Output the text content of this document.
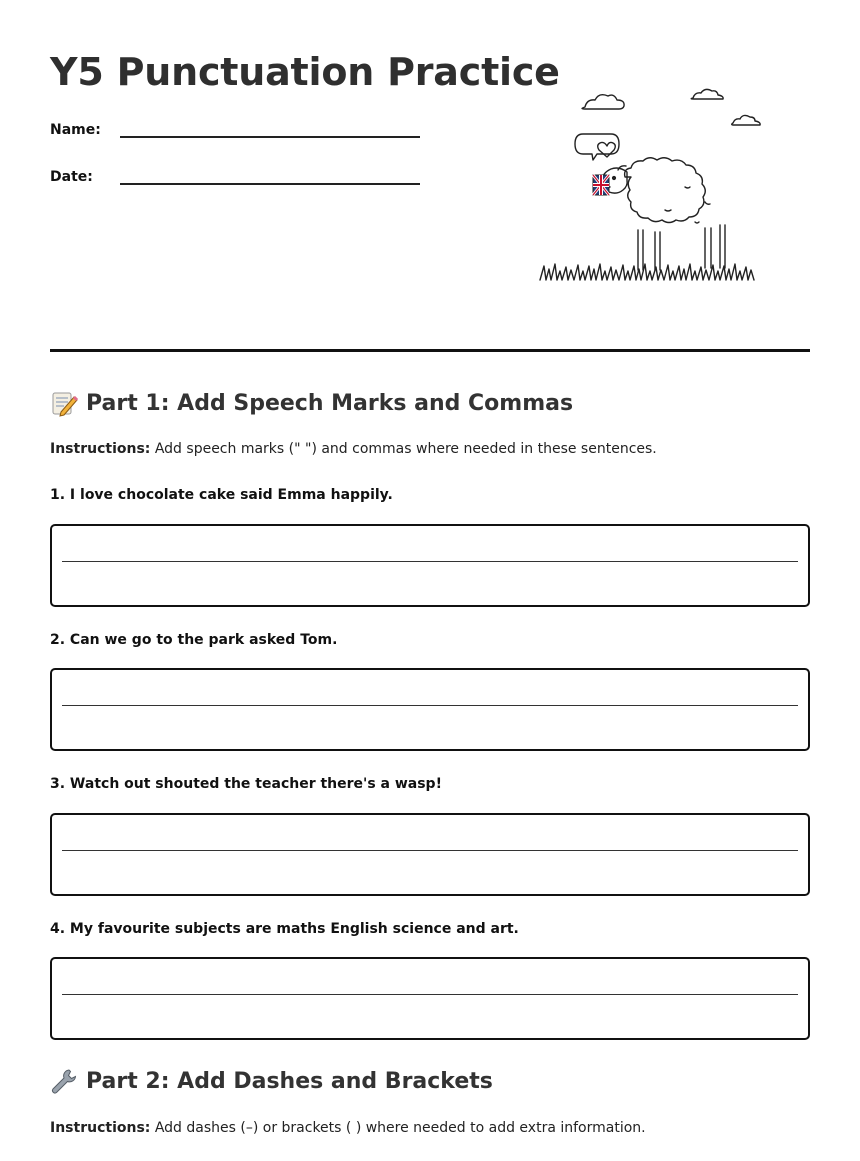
Y5 Punctuation Practice
Name:
Date:
Part 1: Add Speech Marks and Commas
Instructions: Add speech marks (" ") and commas where needed in these sentences.
1. I love chocolate cake said Emma happily.
2. Can we go to the park asked Tom.
3. Watch out shouted the teacher there's a wasp!
4. My favourite subjects are maths English science and art.
Part 2: Add Dashes and Brackets
Instructions: Add dashes (–) or brackets ( ) where needed to add extra information.
